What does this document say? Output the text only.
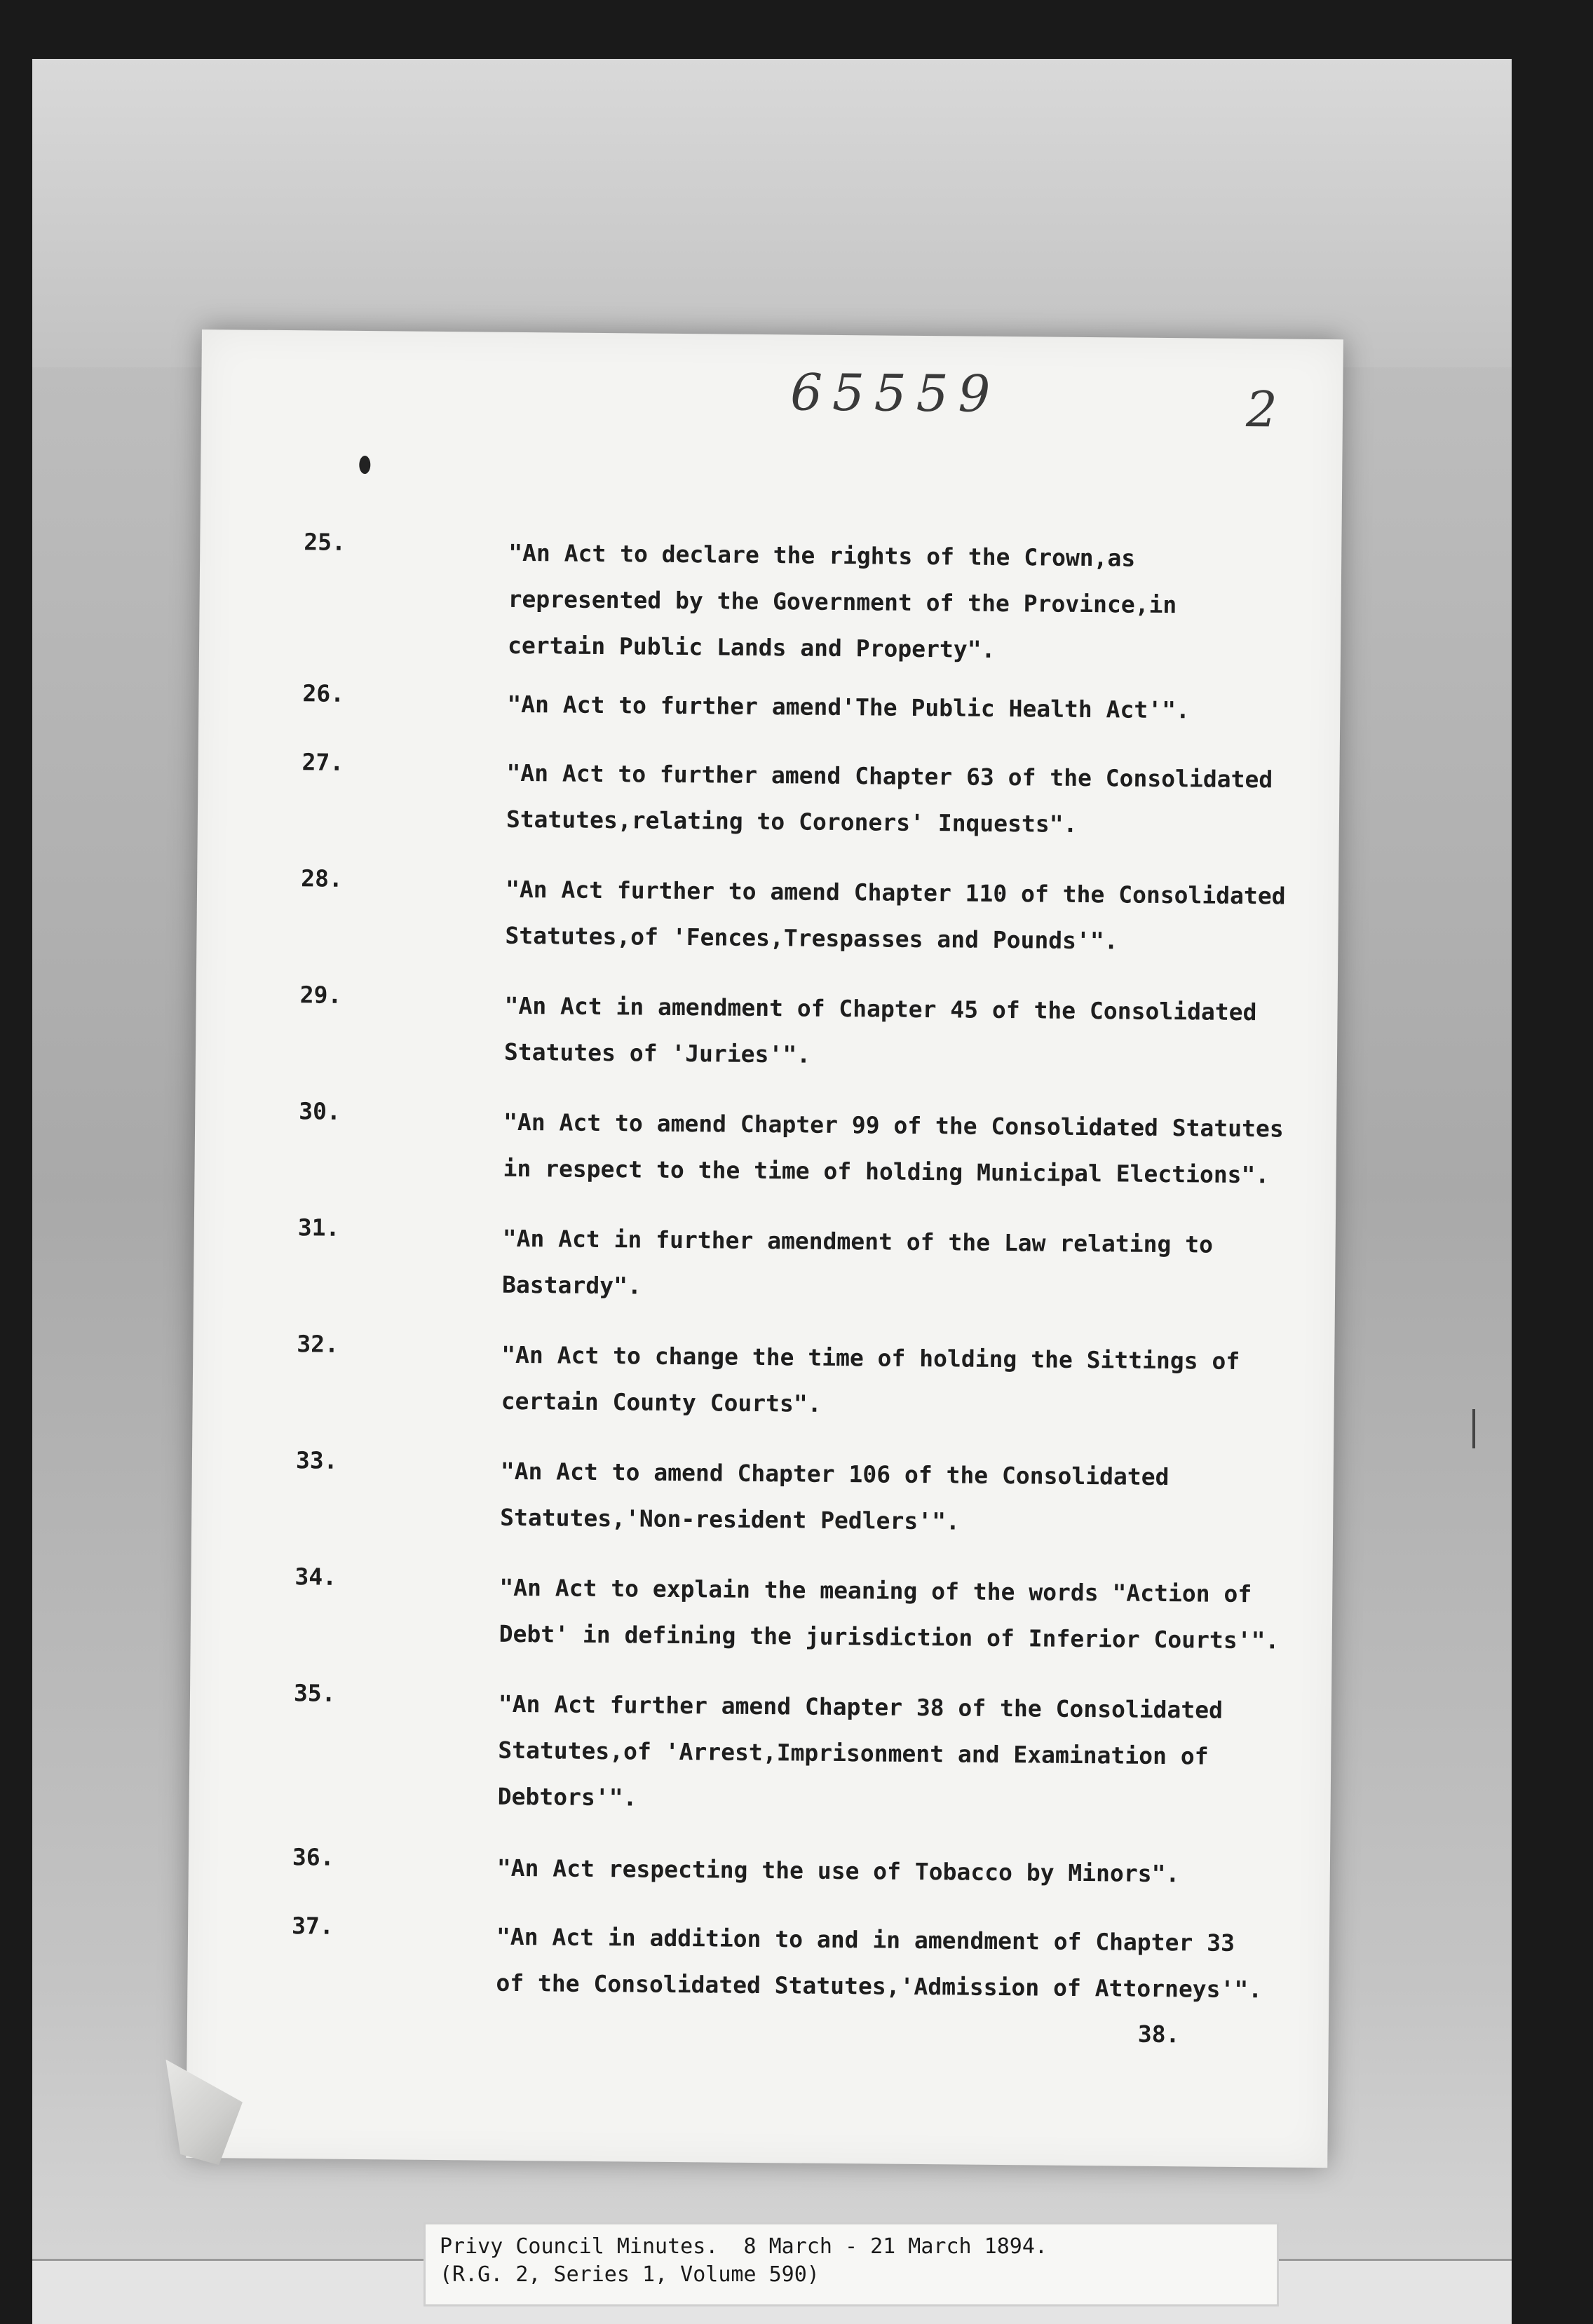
65559	2
25.	"An Act to declare the rights of the Crown,as
represented by the Government of the Province,in
certain Public Lands and Property".
26.	"An Act to further amend'The Public Health Act'".
27.	"An Act to further amend Chapter 63 of the Consolidated
Statutes,relating to Coroners' Inquests".
28.	"An Act further to amend Chapter 110 of the Consolidated
Statutes,of 'Fences,Trespasses and Pounds'".
29.	"An Act in amendment of Chapter 45 of the Consolidated
Statutes of 'Juries'".
30.	"An Act to amend Chapter 99 of the Consolidated Statutes
in respect to the time of holding Municipal Elections".
31.	"An Act in further amendment of the Law relating to
Bastardy".
32.	"An Act to change the time of holding the Sittings of
certain County Courts".
33.	"An Act to amend Chapter 106 of the Consolidated
Statutes,'Non-resident Pedlers'".
34.	"An Act to explain the meaning of the words "Action of
Debt' in defining the jurisdiction of Inferior Courts'".
35.	"An Act further amend Chapter 38 of the Consolidated
Statutes,of 'Arrest,Imprisonment and Examination of
Debtors'".
36.	"An Act respecting the use of Tobacco by Minors".
37.	"An Act in addition to and in amendment of Chapter 33
of the Consolidated Statutes,'Admission of Attorneys'".
38.
Privy Council Minutes.  8 March - 21 March 1894.
(R.G. 2, Series 1, Volume 590)
